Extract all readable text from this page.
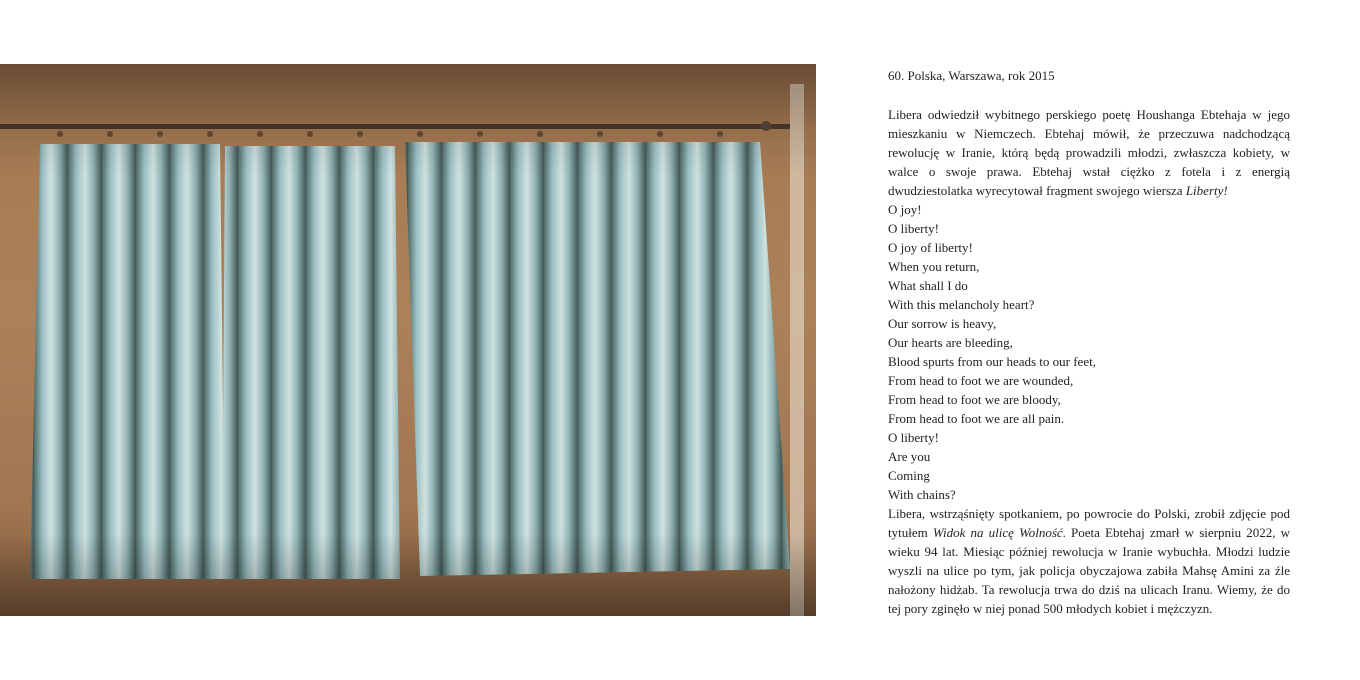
60. Polska, Warszawa, rok 2015

Libera odwiedził wybitnego perskiego poetę Houshanga Ebtehaja w jego mieszkaniu w Niemczech. Ebtehaj mówił, że przeczuwa nadchodzącą rewolucję w Iranie, którą będą prowadzili młodzi, zwłaszcza kobiety, w walce o swoje prawa. Ebtehaj wstał ciężko z fotela i z energią dwudziestolatka wyrecytował fragment swojego wiersza Liberty!

O joy!
O liberty!
O joy of liberty!
When you return,
What shall I do
With this melancholy heart?
Our sorrow is heavy,
Our hearts are bleeding,
Blood spurts from our heads to our feet,
From head to foot we are wounded,
From head to foot we are bloody,
From head to foot we are all pain.
O liberty!
Are you
Coming
With chains?

Libera, wstrząśnięty spotkaniem, po powrocie do Polski, zrobił zdjęcie pod tytułem Widok na ulicę Wolność. Poeta Ebtehaj zmarł w sierpniu 2022, w wieku 94 lat. Miesiąc później rewolucja w Iranie wybuchła. Młodzi ludzie wyszli na ulice po tym, jak policja obyczajowa zabiła Mahsę Amini za źle nałożony hidżab. Ta rewolucja trwa do dziś na ulicach Iranu. Wiemy, że do tej pory zginęło w niej ponad 500 młodych kobiet i mężczyzn.
